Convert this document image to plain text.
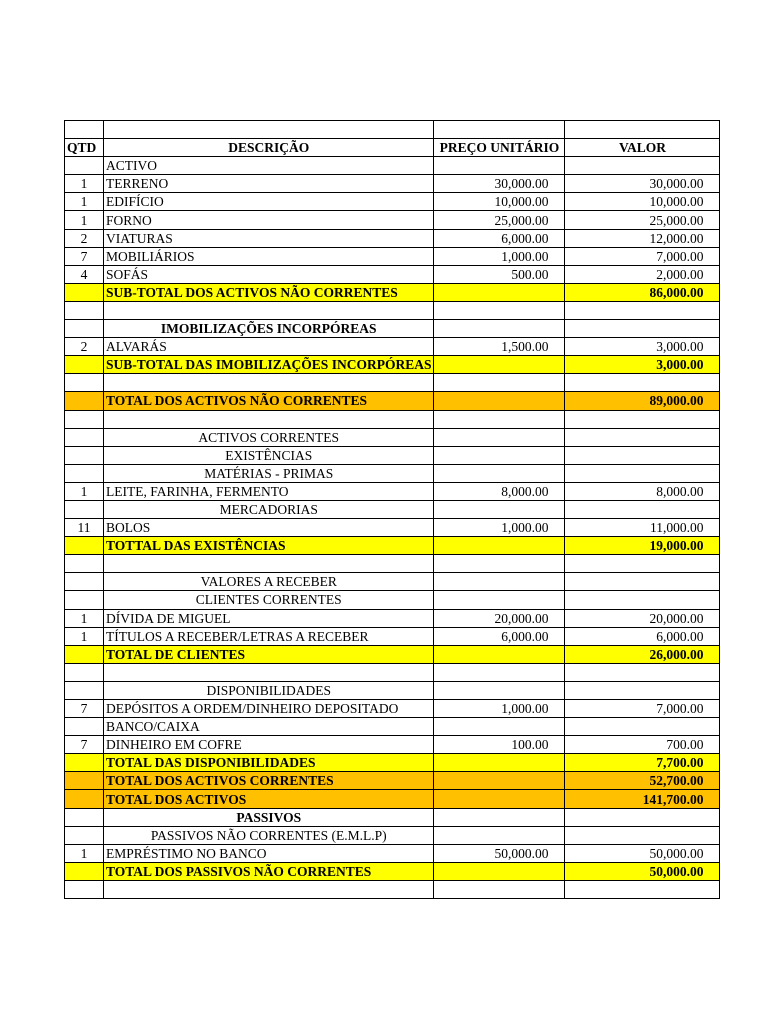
QTD	DESCRIÇÃO	PREÇO UNITÁRIO	VALOR
	ACTIVO		
1	TERRENO	30,000.00	30,000.00
1	EDIFÍCIO	10,000.00	10,000.00
1	FORNO	25,000.00	25,000.00
2	VIATURAS	6,000.00	12,000.00
7	MOBILIÁRIOS	1,000.00	7,000.00
4	SOFÁS	500.00	2,000.00
	SUB-TOTAL DOS ACTIVOS NÃO CORRENTES		86,000.00

	IMOBILIZAÇÕES INCORPÓREAS		
2	ALVARÁS	1,500.00	3,000.00
	SUB-TOTAL DAS IMOBILIZAÇÕES INCORPÓREAS		3,000.00

	TOTAL DOS ACTIVOS NÃO CORRENTES		89,000.00

	ACTIVOS CORRENTES		
	EXISTÊNCIAS		
	MATÉRIAS - PRIMAS		
1	LEITE, FARINHA, FERMENTO	8,000.00	8,000.00
	MERCADORIAS		
11	BOLOS	1,000.00	11,000.00
	TOTTAL DAS EXISTÊNCIAS		19,000.00

	VALORES A RECEBER		
	CLIENTES CORRENTES		
1	DÍVIDA DE MIGUEL	20,000.00	20,000.00
1	TÍTULOS A RECEBER/LETRAS A RECEBER	6,000.00	6,000.00
	TOTAL DE CLIENTES		26,000.00

	DISPONIBILIDADES		
7	DEPÓSITOS A ORDEM/DINHEIRO DEPOSITADO	1,000.00	7,000.00
	BANCO/CAIXA		
7	DINHEIRO EM COFRE	100.00	700.00
	TOTAL DAS DISPONIBILIDADES		7,700.00
	TOTAL DOS ACTIVOS CORRENTES		52,700.00
	TOTAL DOS ACTIVOS		141,700.00
	PASSIVOS		
	PASSIVOS NÃO CORRENTES (E.M.L.P)		
1	EMPRÉSTIMO NO BANCO	50,000.00	50,000.00
	TOTAL DOS PASSIVOS NÃO CORRENTES		50,000.00
